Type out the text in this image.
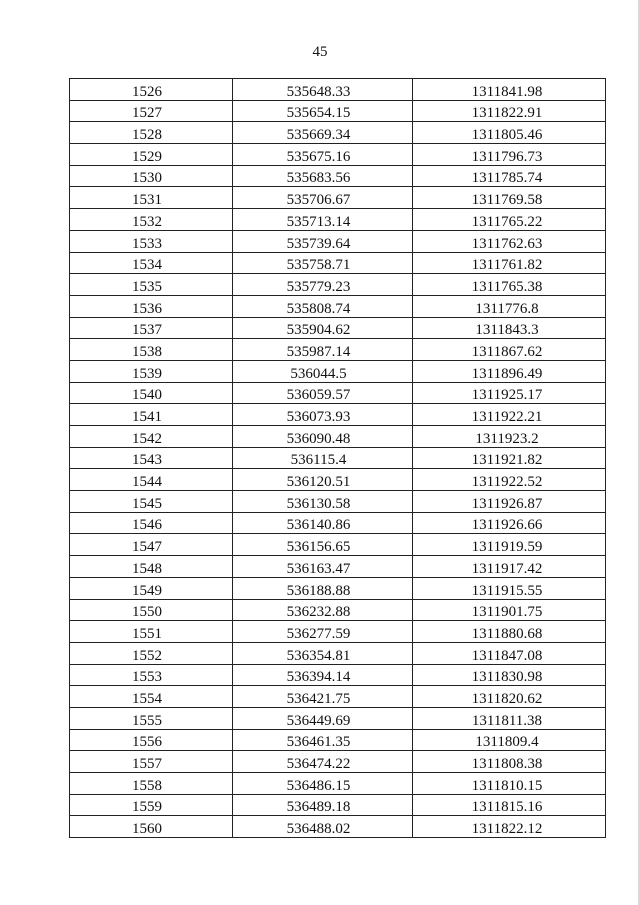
45
1526	535648.33	1311841.98
1527	535654.15	1311822.91
1528	535669.34	1311805.46
1529	535675.16	1311796.73
1530	535683.56	1311785.74
1531	535706.67	1311769.58
1532	535713.14	1311765.22
1533	535739.64	1311762.63
1534	535758.71	1311761.82
1535	535779.23	1311765.38
1536	535808.74	1311776.8
1537	535904.62	1311843.3
1538	535987.14	1311867.62
1539	536044.5	1311896.49
1540	536059.57	1311925.17
1541	536073.93	1311922.21
1542	536090.48	1311923.2
1543	536115.4	1311921.82
1544	536120.51	1311922.52
1545	536130.58	1311926.87
1546	536140.86	1311926.66
1547	536156.65	1311919.59
1548	536163.47	1311917.42
1549	536188.88	1311915.55
1550	536232.88	1311901.75
1551	536277.59	1311880.68
1552	536354.81	1311847.08
1553	536394.14	1311830.98
1554	536421.75	1311820.62
1555	536449.69	1311811.38
1556	536461.35	1311809.4
1557	536474.22	1311808.38
1558	536486.15	1311810.15
1559	536489.18	1311815.16
1560	536488.02	1311822.12
